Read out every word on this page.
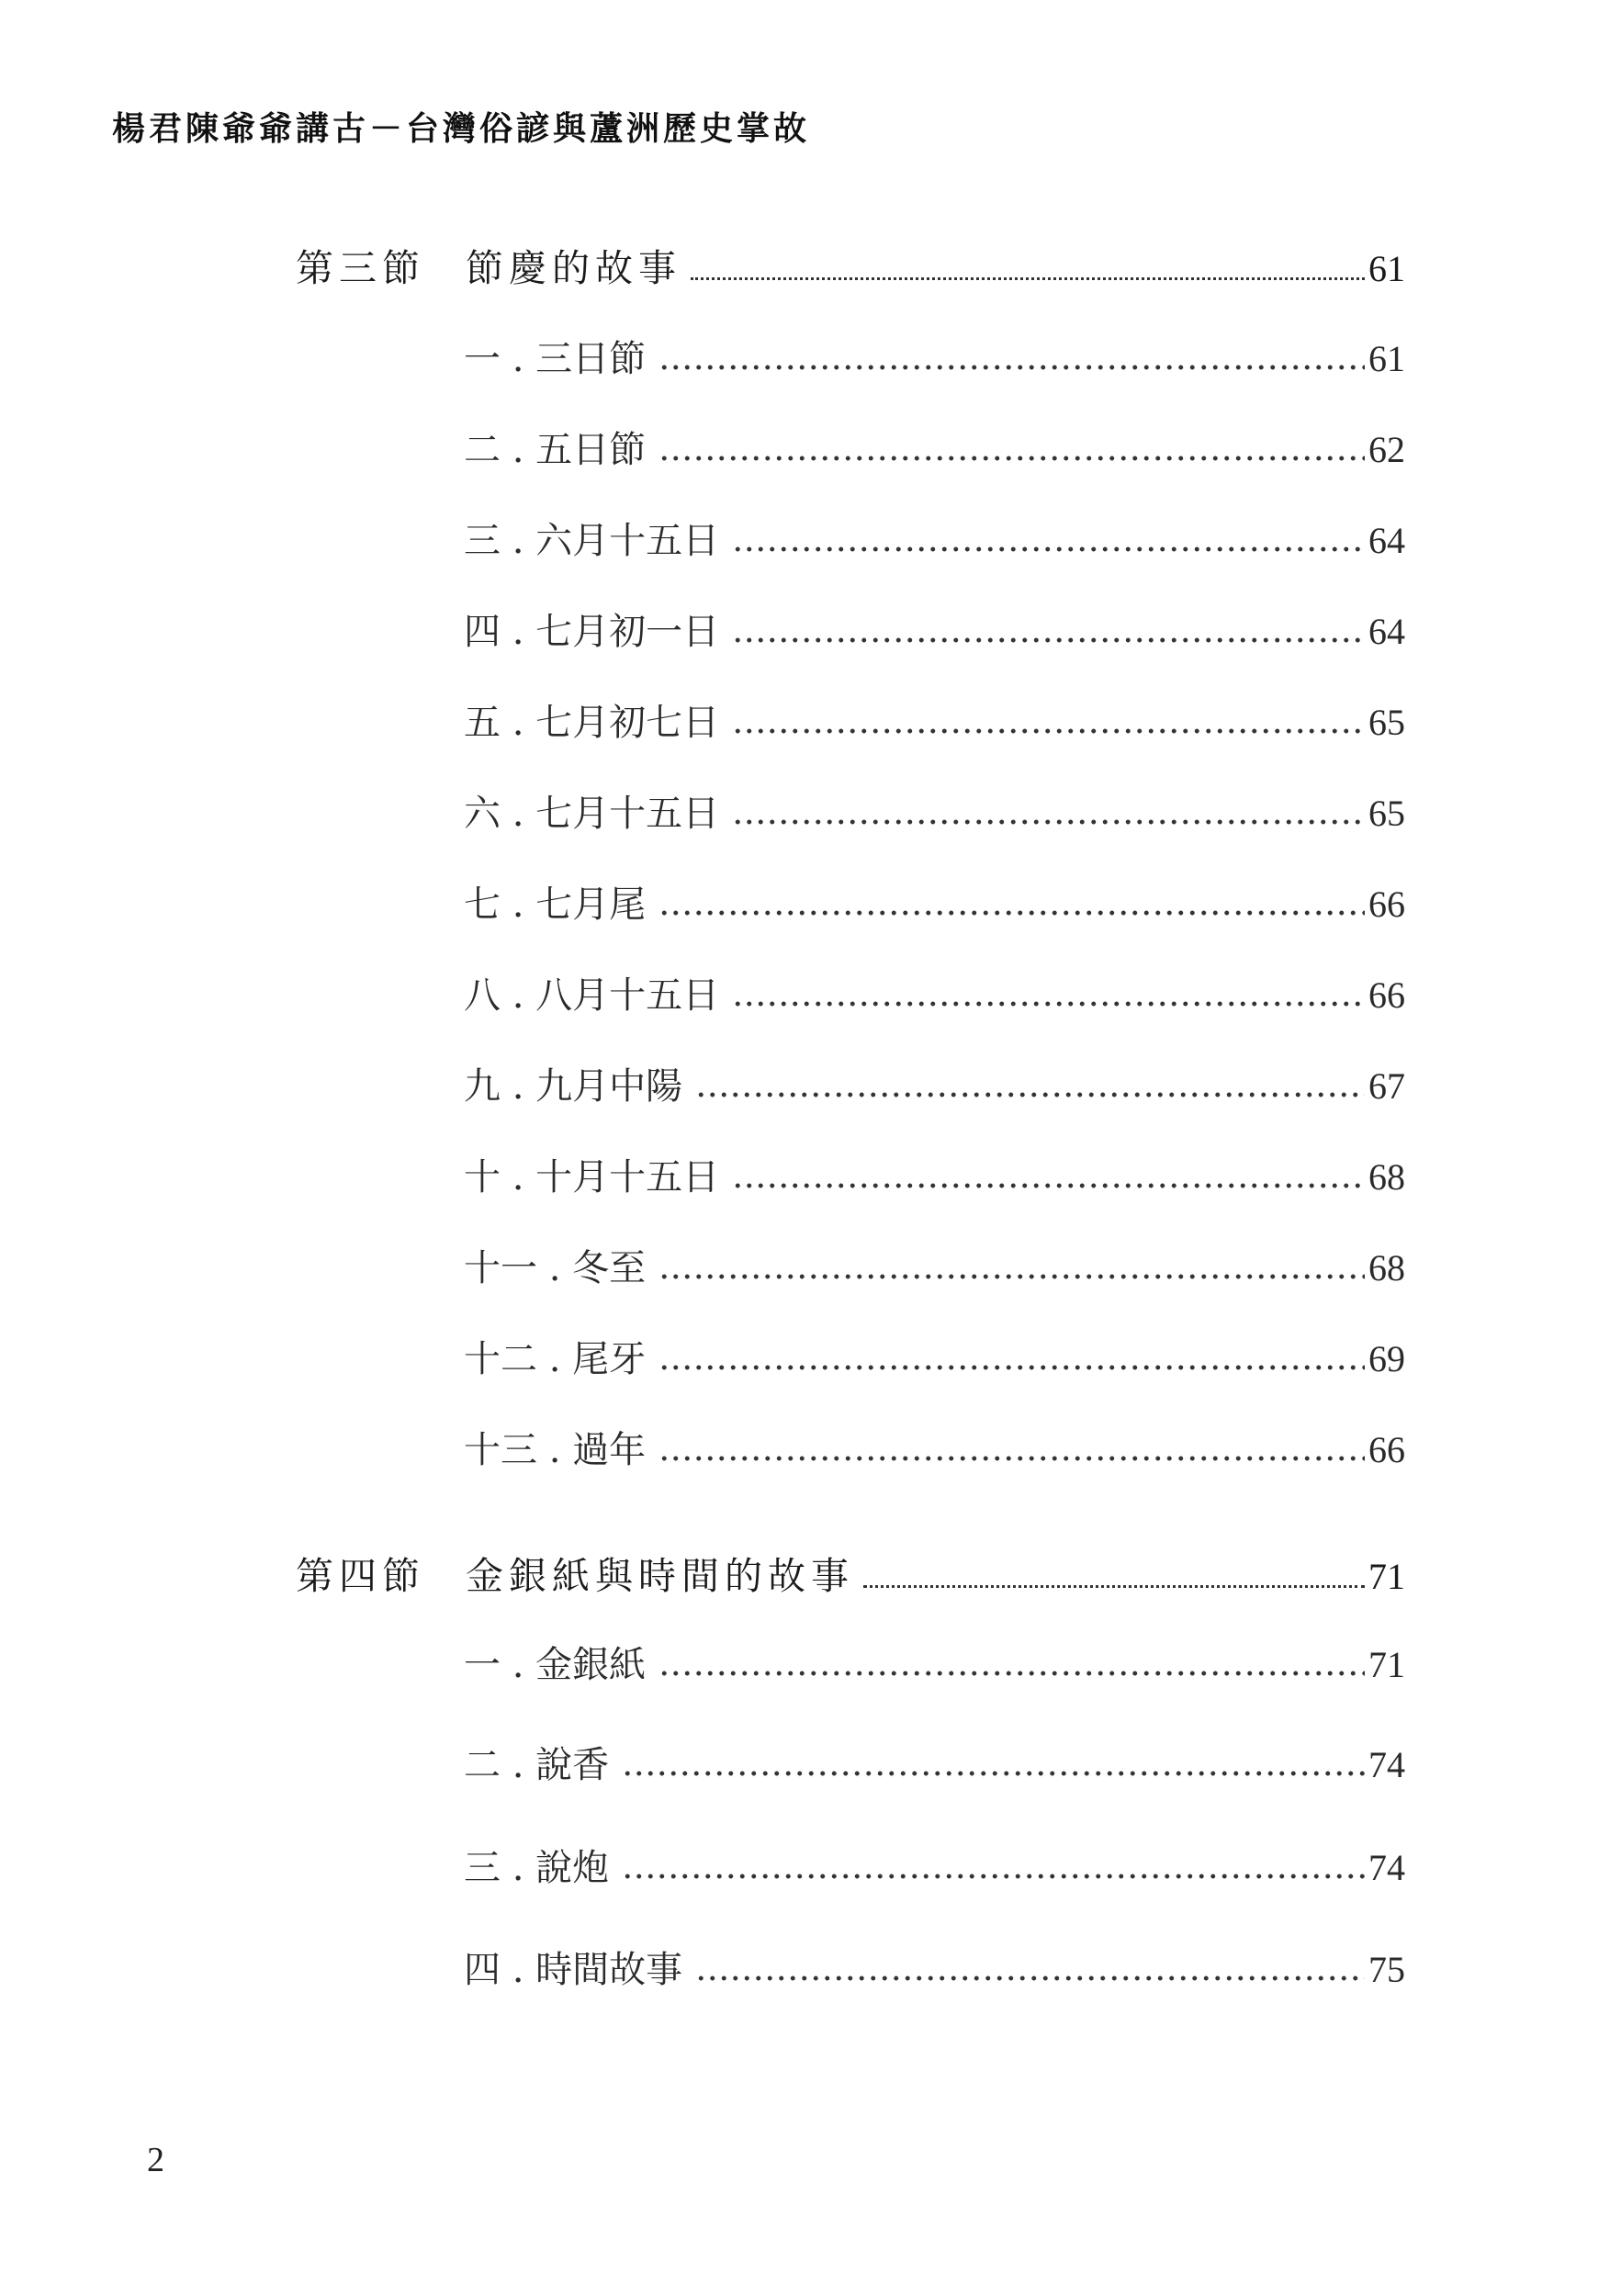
楊君陳爺爺講古－台灣俗諺與蘆洲歷史掌故
第三節	節慶的故事	61
一 . 三日節	61
二 . 五日節	62
三 . 六月十五日	64
四 . 七月初一日	64
五 . 七月初七日	65
六 . 七月十五日	65
七 . 七月尾	66
八 . 八月十五日	66
九 . 九月中陽	67
十 . 十月十五日	68
十一 . 冬至	68
十二 . 尾牙	69
十三 . 過年	66
第四節	金銀紙與時間的故事	71
一 . 金銀紙	71
二 . 說香	74
三 . 說炮	74
四 . 時間故事	75
2
